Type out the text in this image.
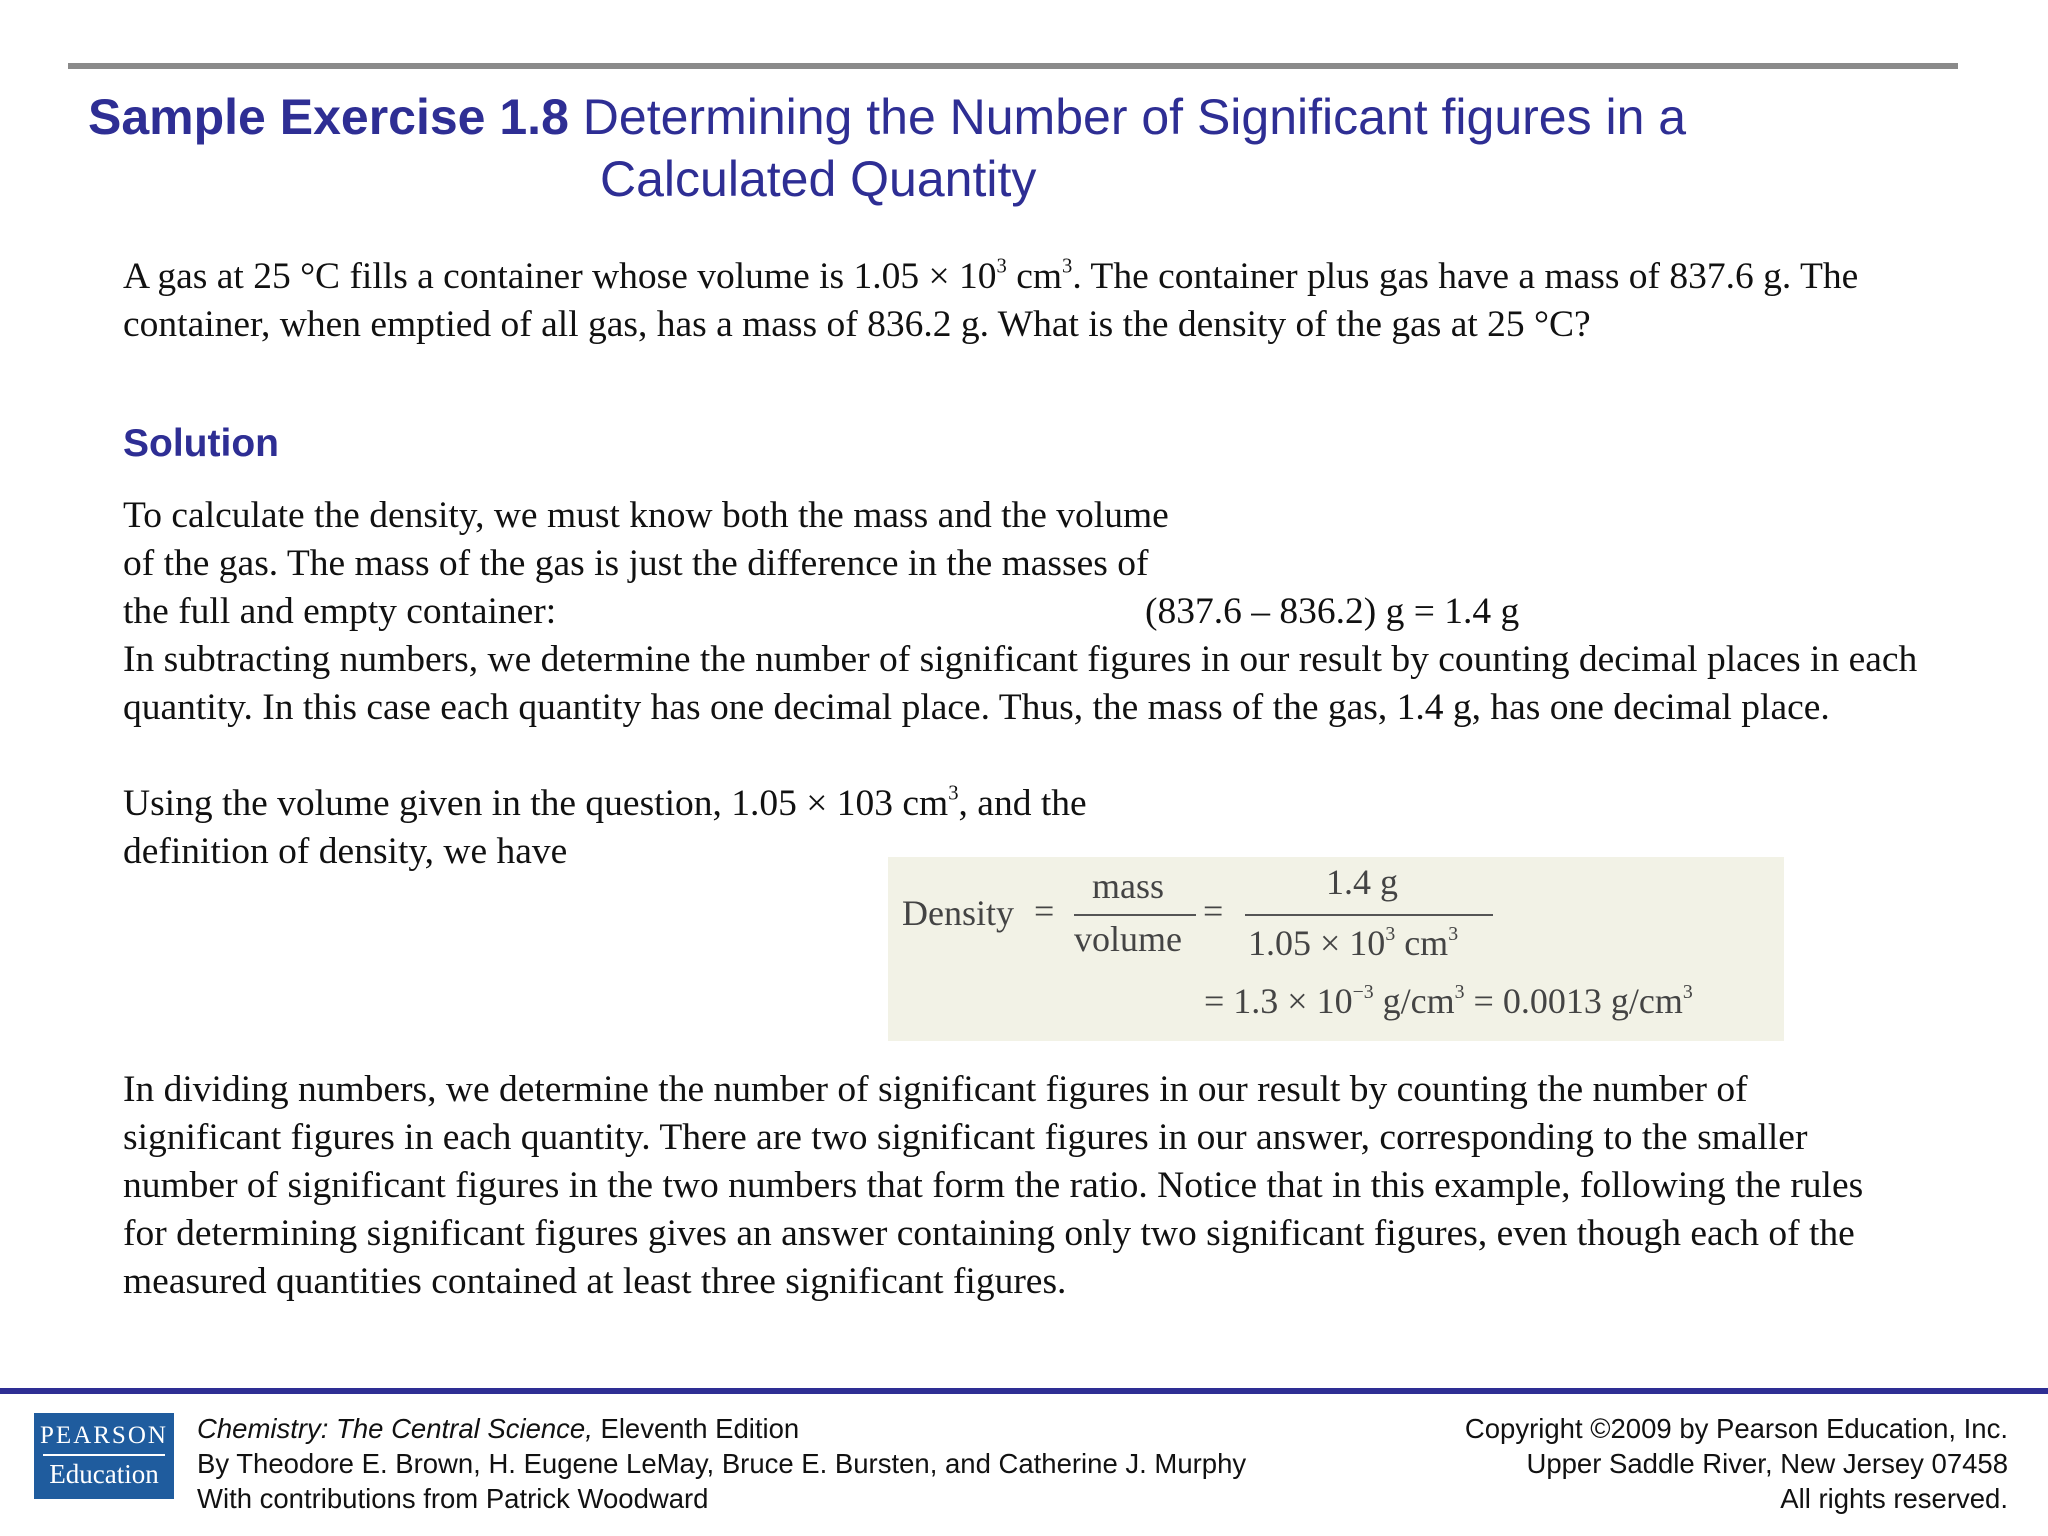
Sample Exercise 1.8 Determining the Number of Significant figures in a
Calculated Quantity
A gas at 25 °C fills a container whose volume is $1.05 \times 10^3$ $cm^3$. The container plus gas have a mass of 837.6 g. The container, when emptied of all gas, has a mass of 836.2 g. What is the density of the gas at 25 °C?
Solution
To calculate the density, we must know both the mass and the volume of the gas. The mass of the gas is just the difference in the masses of the full and empty container:	(837.6 – 836.2) g = 1.4 g
In subtracting numbers, we determine the number of significant figures in our result by counting decimal places in each quantity. In this case each quantity has one decimal place. Thus, the mass of the gas, 1.4 g, has one decimal place.
Using the volume given in the question, 1.05 × 103 $cm^3$, and the definition of density, we have
Density =
mass
volume
=
1.4 g
$1.05 \times 10^3$ $cm^3$
= $1.3 \times 10^{-3}$ $g/cm^3 = 0.0013$ $g/cm^3$
In dividing numbers, we determine the number of significant figures in our result by counting the number of significant figures in each quantity. There are two significant figures in our answer, corresponding to the smaller number of significant figures in the two numbers that form the ratio. Notice that in this example, following the rules for determining significant figures gives an answer containing only two significant figures, even though each of the measured quantities contained at least three significant figures.
PEARSON
Education
Chemistry: The Central Science, Eleventh Edition
By Theodore E. Brown, H. Eugene LeMay, Bruce E. Bursten, and Catherine J. Murphy
With contributions from Patrick Woodward
Copyright ©2009 by Pearson Education, Inc.
Upper Saddle River, New Jersey 07458
All rights reserved.
